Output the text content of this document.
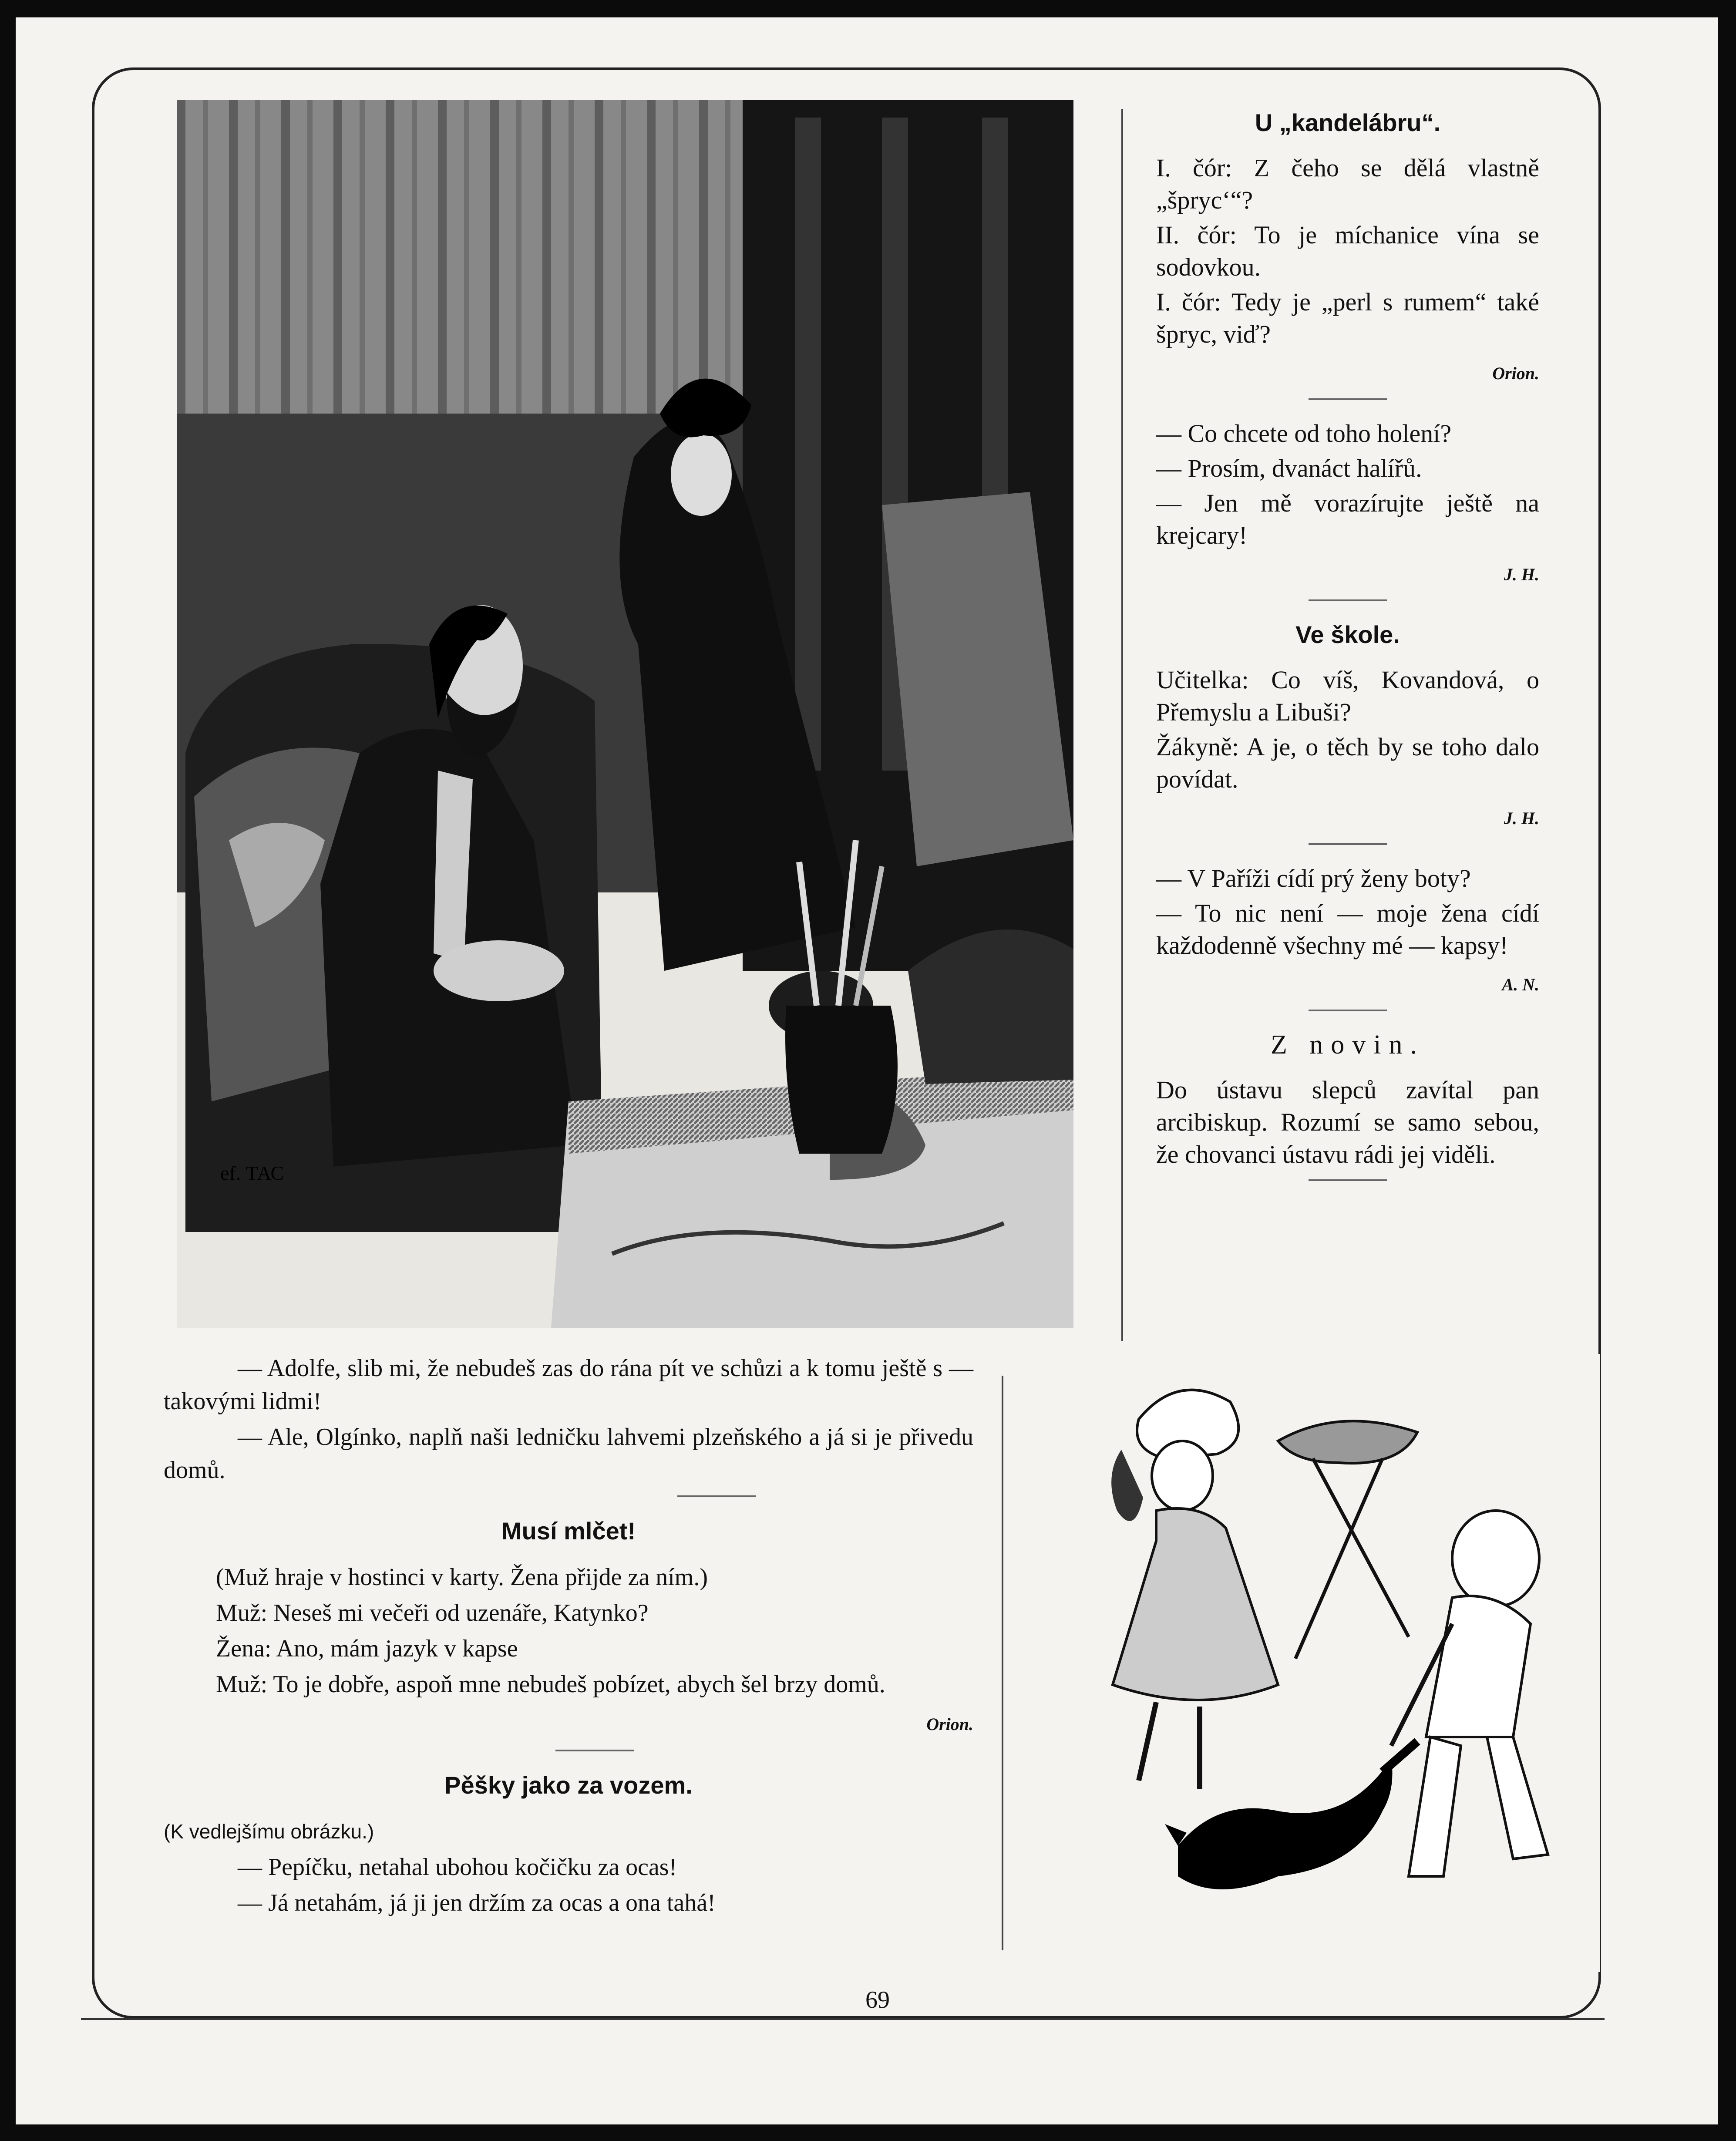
69
ef. ТАС

U „kandelábru“.

I. čór: Z čeho se dělá vlastně „šprycʻ“?

II. čór: To je míchanice vína se sodovkou.

I. čór: Tedy je „perl s rumem“ také špryc, viď?

Orion.

— Co chcete od toho holení?

— Prosím, dvanáct halířů.

— Jen mě vorazírujte ještě na krejcary!

J. H.

Ve škole.

Učitelka: Co víš, Kovandová, o Přemyslu a Libuši?

Žákyně: A je, o těch by se toho dalo povídat.

J. H.

— V Paříži cídí prý ženy boty?

— To nic není — moje žena cídí každodenně všechny mé — kapsy!

A. N.

Z novin.

Do ústavu slepců zavítal pan arcibiskup. Rozumí se samo sebou, že chovanci ústavu rádi jej viděli.

— Adolfe, slib mi, že nebudeš zas do rána pít ve schůzi a k tomu ještě s — takovými lidmi!

— Ale, Olgínko, naplň naši ledničku lahvemi plzeňského a já si je přivedu domů.

Musí mlčet!

(Muž hraje v hostinci v karty. Žena přijde za ním.)

Muž: Neseš mi večeři od uzenáře, Katynko?

Žena: Ano, mám jazyk v kapse

Muž: To je dobře, aspoň mne nebudeš pobízet, abych šel brzy domů.

Orion.

Pěšky jako za vozem.

(K vedlejšímu obrázku.)

— Pepíčku, netahal ubohou kočičku za ocas!

— Já netahám, já ji jen držím za ocas a ona tahá!
